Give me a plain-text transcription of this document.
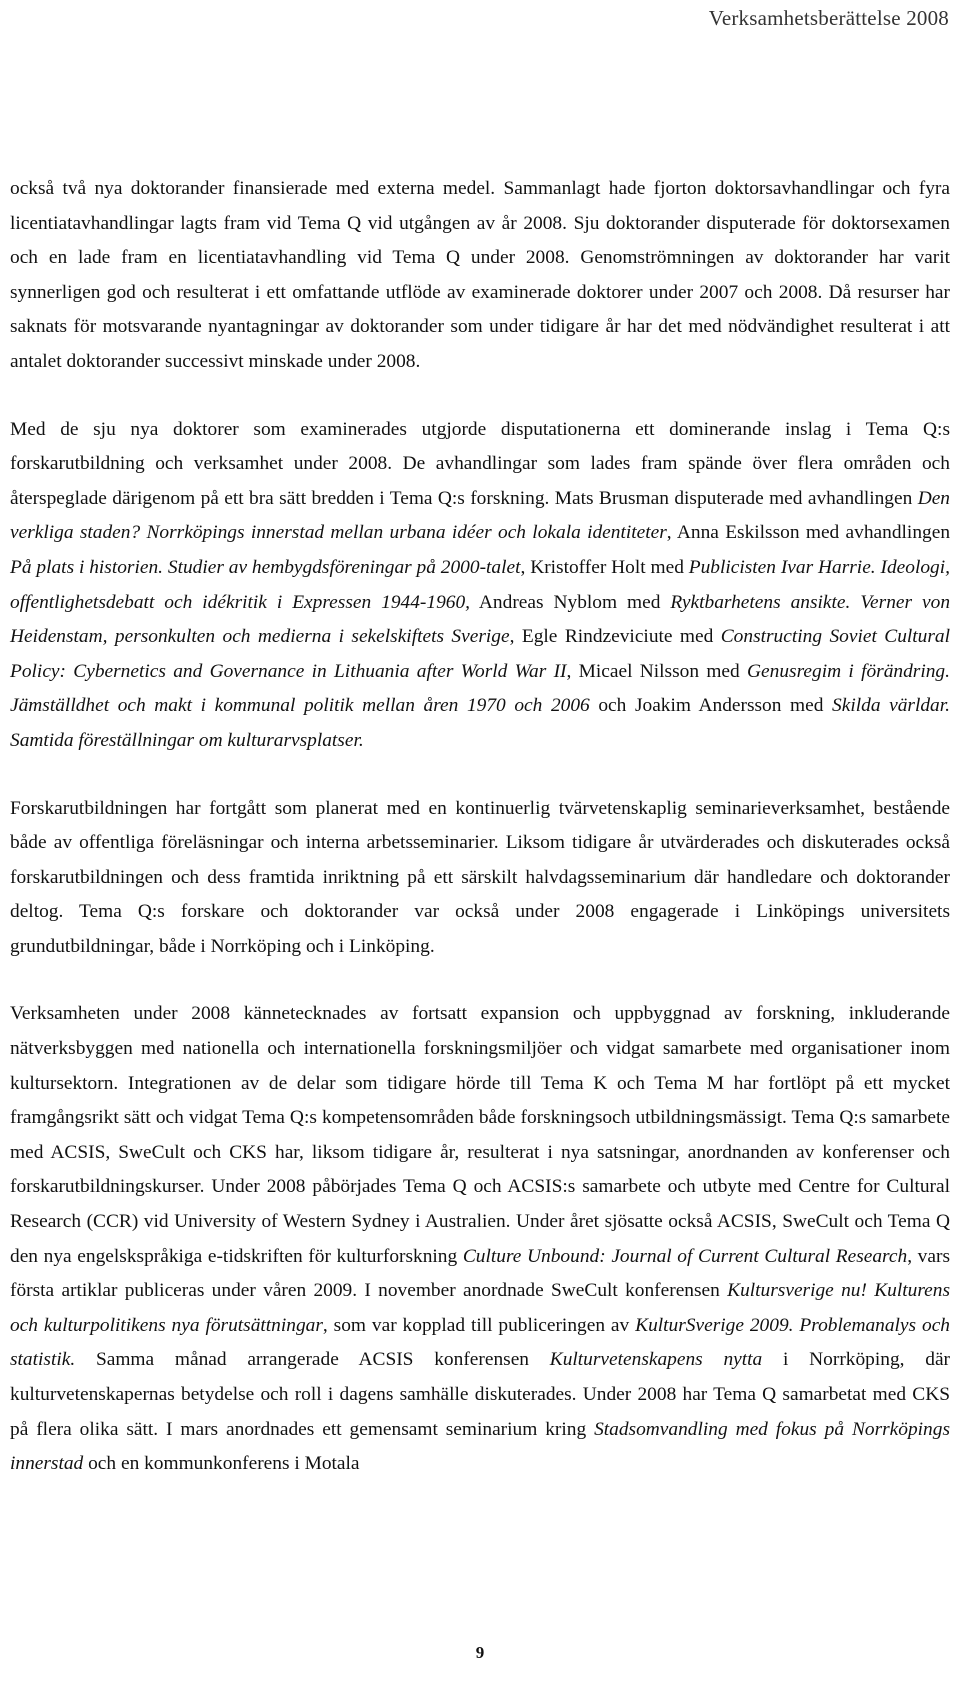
Verksamhetsberättelse 2008

också två nya doktorander finansierade med externa medel. Sammanlagt hade fjorton doktorsavhandlingar och fyra licentiatavhandlingar lagts fram vid Tema Q vid utgången av år 2008. Sju doktorander disputerade för doktorsexamen och en lade fram en licentiatavhandling vid Tema Q under 2008. Genomströmningen av doktorander har varit synnerligen god och resulterat i ett omfattande utflöde av examinerade doktorer under 2007 och 2008. Då resurser har saknats för motsvarande nyantagningar av doktorander som under tidigare år har det med nödvändighet resulterat i att antalet doktorander successivt minskade under 2008.

Med de sju nya doktorer som examinerades utgjorde disputationerna ett dominerande inslag i Tema Q:s forskarutbildning och verksamhet under 2008. De avhandlingar som lades fram spände över flera områden och återspeglade därigenom på ett bra sätt bredden i Tema Q:s forskning. Mats Brusman disputerade med avhandlingen Den verkliga staden? Norrköpings innerstad mellan urbana idéer och lokala identiteter, Anna Eskilsson med avhandlingen På plats i historien. Studier av hembygdsföreningar på 2000-talet, Kristoffer Holt med Publicisten Ivar Harrie. Ideologi, offentlighetsdebatt och idékritik i Expressen 1944-1960, Andreas Nyblom med Ryktbarhetens ansikte. Verner von Heidenstam, personkulten och medierna i sekelskiftets Sverige, Egle Rindzeviciute med Constructing Soviet Cultural Policy: Cybernetics and Governance in Lithuania after World War II, Micael Nilsson med Genusregim i förändring. Jämställdhet och makt i kommunal politik mellan åren 1970 och 2006 och Joakim Andersson med Skilda världar. Samtida föreställningar om kulturarvsplatser.

Forskarutbildningen har fortgått som planerat med en kontinuerlig tvärvetenskaplig seminarieverksamhet, bestående både av offentliga föreläsningar och interna arbetsseminarier. Liksom tidigare år utvärderades och diskuterades också forskarutbildningen och dess framtida inriktning på ett särskilt halvdagsseminarium där handledare och doktorander deltog. Tema Q:s forskare och doktorander var också under 2008 engagerade i Linköpings universitets grundutbildningar, både i Norrköping och i Linköping.

Verksamheten under 2008 kännetecknades av fortsatt expansion och uppbyggnad av forskning, inkluderande nätverksbyggen med nationella och internationella forskningsmiljöer och vidgat samarbete med organisationer inom kultursektorn. Integrationen av de delar som tidigare hörde till Tema K och Tema M har fortlöpt på ett mycket framgångsrikt sätt och vidgat Tema Q:s kompetensområden både forskningsoch utbildningsmässigt. Tema Q:s samarbete med ACSIS, SweCult och CKS har, liksom tidigare år, resulterat i nya satsningar, anordnanden av konferenser och forskarutbildningskurser. Under 2008 påbörjades Tema Q och ACSIS:s samarbete och utbyte med Centre for Cultural Research (CCR) vid University of Western Sydney i Australien. Under året sjösatte också ACSIS, SweCult och Tema Q den nya engelskspråkiga e-tidskriften för kulturforskning Culture Unbound: Journal of Current Cultural Research, vars första artiklar publiceras under våren 2009. I november anordnade SweCult konferensen Kultursverige nu! Kulturens och kulturpolitikens nya förutsättningar, som var kopplad till publiceringen av KulturSverige 2009. Problemanalys och statistik. Samma månad arrangerade ACSIS konferensen Kulturvetenskapens nytta i Norrköping, där kulturvetenskapernas betydelse och roll i dagens samhälle diskuterades. Under 2008 har Tema Q samarbetat med CKS på flera olika sätt. I mars anordnades ett gemensamt seminarium kring Stadsomvandling med fokus på Norrköpings innerstad och en kommunkonferens i Motala

9
